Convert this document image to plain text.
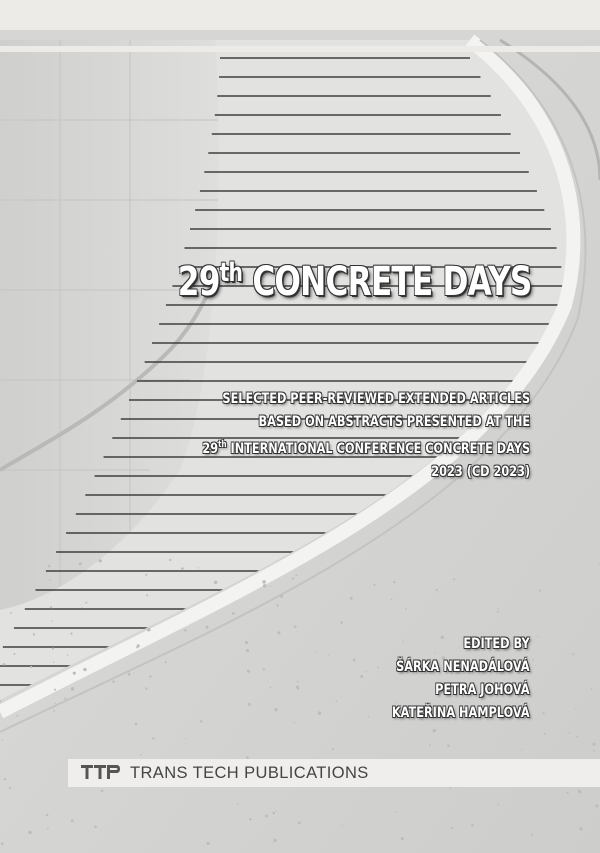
29th CONCRETE DAYS
SELECTED PEER-REVIEWED EXTENDED ARTICLES
BASED ON ABSTRACTS PRESENTED AT THE
29th INTERNATIONAL CONFERENCE CONCRETE DAYS
2023 (CD 2023)
EDITED BY
ŠÁRKA NENADÁLOVÁ
PETRA JOHOVÁ
KATEŘINA HAMPLOVÁ
TRANS TECH PUBLICATIONS
